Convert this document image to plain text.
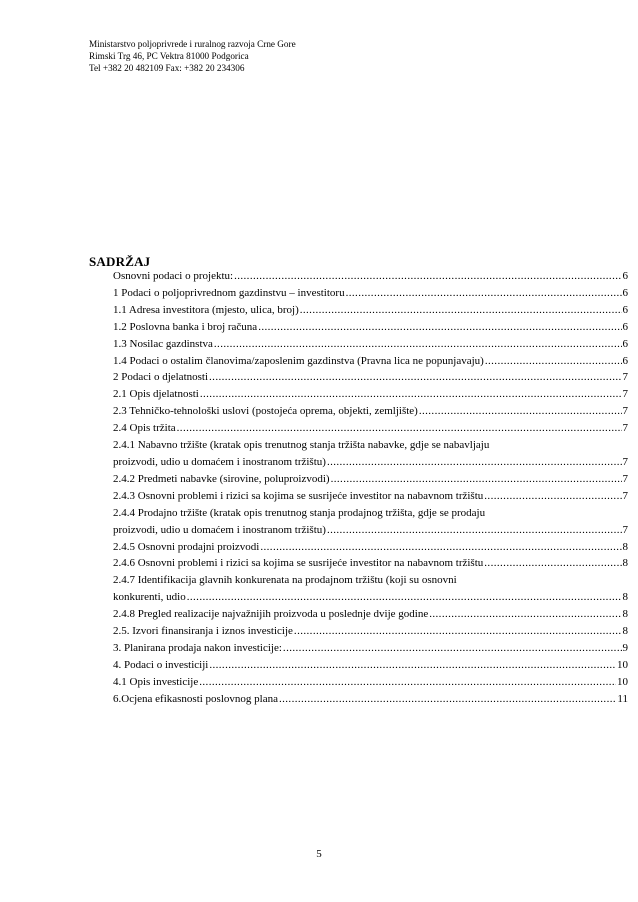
Ministarstvo poljoprivrede i ruralnog razvoja Crne Gore
Rimski Trg 46, PC Vektra 81000 Podgorica
Tel +382 20 482109 Fax: +382 20 234306
SADRŽAJ
Osnovni podaci o projektu: .....	6
1 Podaci o poljoprivrednom gazdinstvu – investitoru .....	6
1.1 Adresa investitora (mjesto, ulica, broj) .....	6
1.2 Poslovna banka i broj računa .....	6
1.3 Nosilac gazdinstva .....	6
1.4 Podaci o ostalim članovima/zaposlenim gazdinstva (Pravna lica ne popunjavaju) .....	6
2 Podaci o djelatnosti .....	7
2.1 Opis djelatnosti .....	7
2.3 Tehničko-tehnološki uslovi (postojeća oprema, objekti, zemljište) .....	7
2.4 Opis tržita .....	7
2.4.1 Nabavno tržište (kratak opis trenutnog stanja tržišta nabavke, gdje se nabavljaju
proizvodi, udio u domaćem i inostranom tržištu) .....	7
2.4.2 Predmeti nabavke (sirovine, poluproizvodi) .....	7
2.4.3 Osnovni problemi i rizici sa kojima se susrijeće investitor na nabavnom tržištu .....	7
2.4.4 Prodajno tržište (kratak opis trenutnog stanja prodajnog tržišta, gdje se prodaju
proizvodi, udio u domaćem i inostranom tržištu) .....	7
2.4.5 Osnovni prodajni proizvodi .....	8
2.4.6 Osnovni problemi i rizici sa kojima se susrijeće investitor na nabavnom tržištu .....	8
2.4.7 Identifikacija glavnih konkurenata na prodajnom tržištu (koji su osnovni
konkurenti, udio .....	8
2.4.8 Pregled realizacije najvažnijih proizvoda u poslednje dvije godine .....	8
2.5. Izvori finansiranja i iznos investicije .....	8
3. Planirana prodaja nakon investicije: .....	9
4. Podaci o investiciji .....	10
4.1 Opis investicije .....	10
6.Ocjena efikasnosti poslovnog plana .....	11
5
